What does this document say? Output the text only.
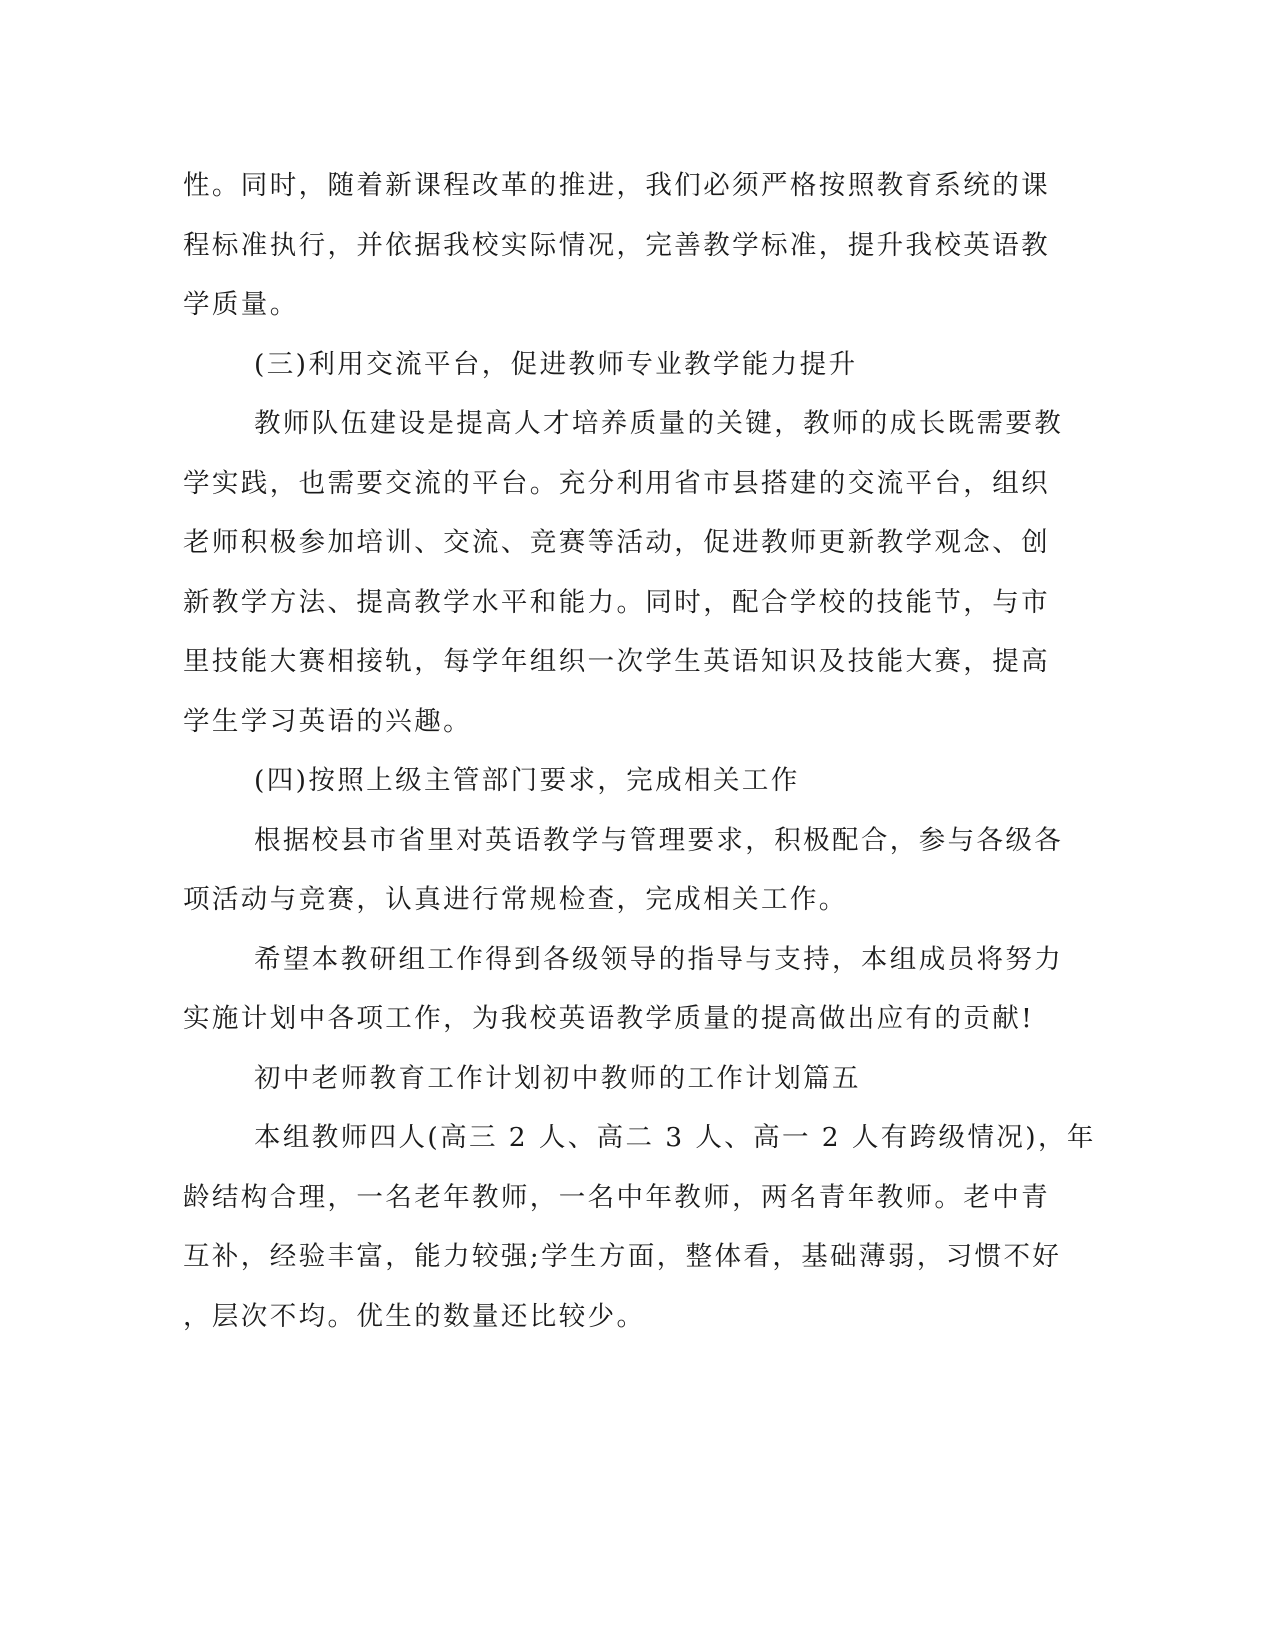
性。同时，随着新课程改革的推进，我们必须严格按照教育系统的课
程标准执行，并依据我校实际情况，完善教学标准，提升我校英语教
学质量。
(三)利用交流平台，促进教师专业教学能力提升
教师队伍建设是提高人才培养质量的关键，教师的成长既需要教
学实践，也需要交流的平台。充分利用省市县搭建的交流平台，组织
老师积极参加培训、交流、竞赛等活动，促进教师更新教学观念、创
新教学方法、提高教学水平和能力。同时，配合学校的技能节，与市
里技能大赛相接轨，每学年组织一次学生英语知识及技能大赛，提高
学生学习英语的兴趣。
(四)按照上级主管部门要求，完成相关工作
根据校县市省里对英语教学与管理要求，积极配合，参与各级各
项活动与竞赛，认真进行常规检查，完成相关工作。
希望本教研组工作得到各级领导的指导与支持，本组成员将努力
实施计划中各项工作，为我校英语教学质量的提高做出应有的贡献!
初中老师教育工作计划初中教师的工作计划篇五
本组教师四人(高三 2 人、高二 3 人、高一 2 人有跨级情况)，年
龄结构合理，一名老年教师，一名中年教师，两名青年教师。老中青
互补，经验丰富，能力较强;学生方面，整体看，基础薄弱，习惯不好
，层次不均。优生的数量还比较少。
